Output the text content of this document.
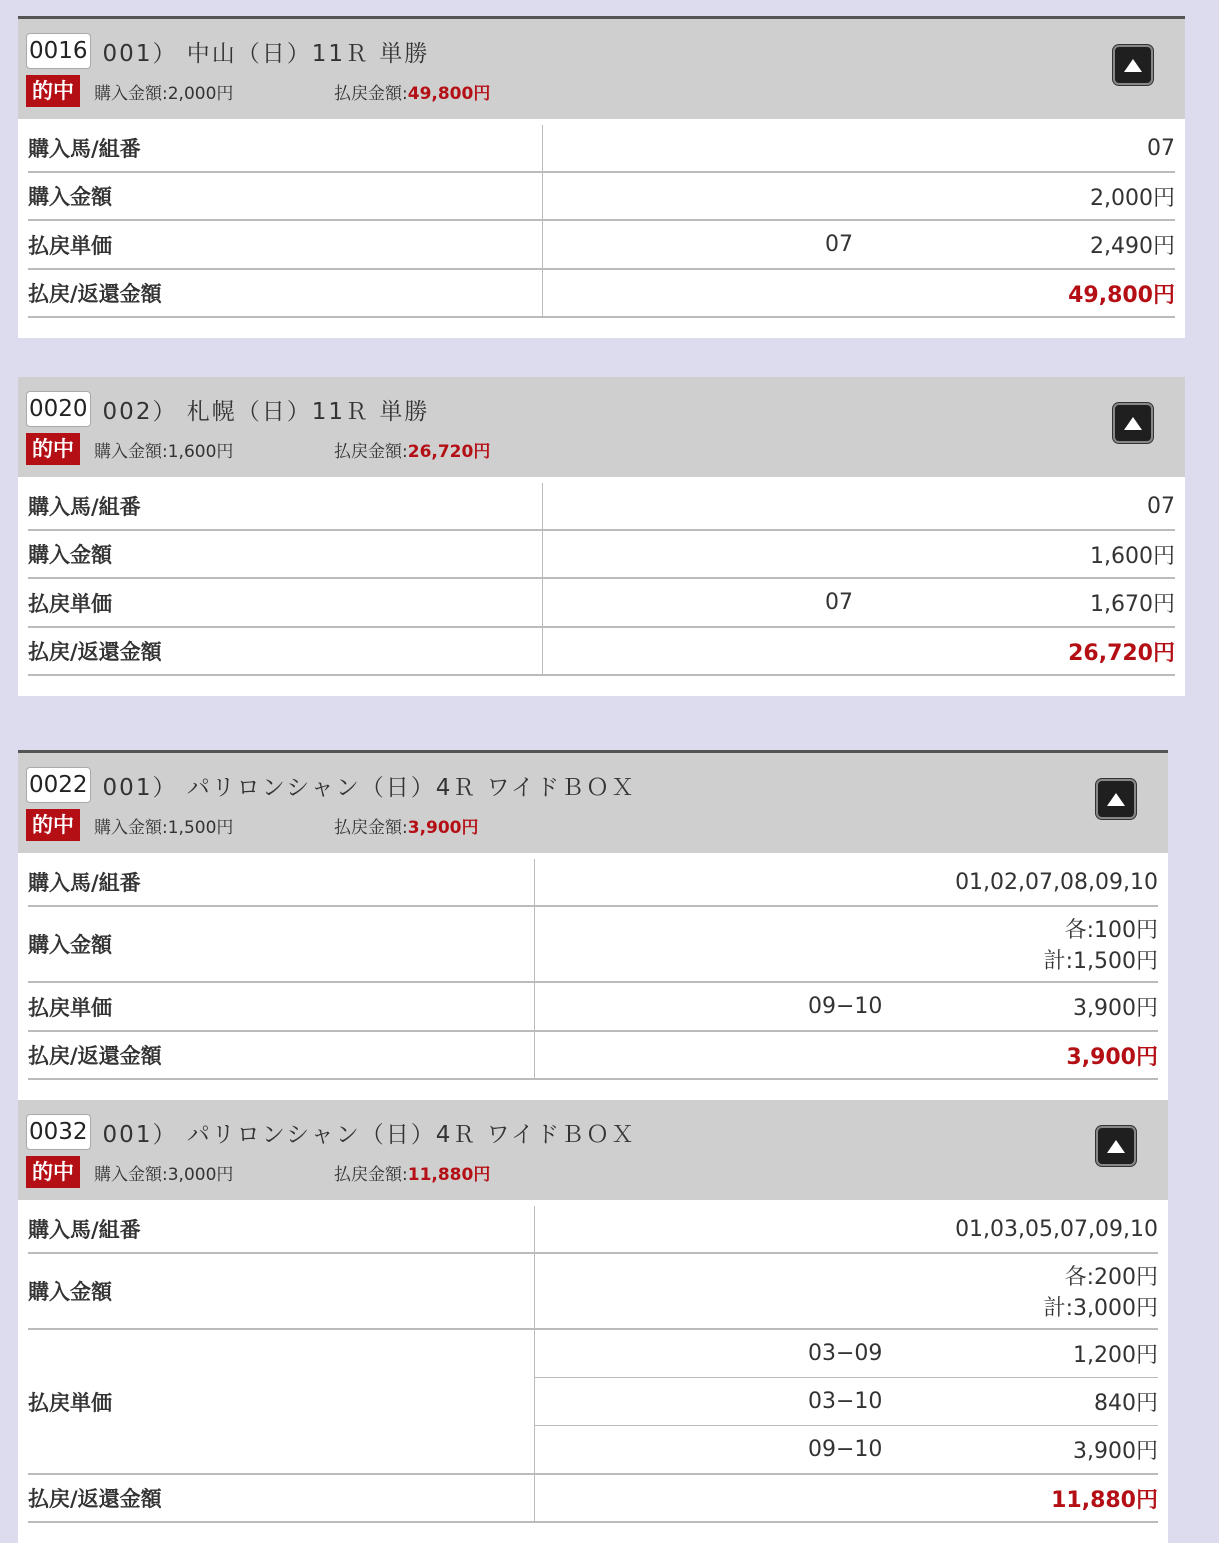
0016 001） 中山（日）11Ｒ 単勝
的中	購入金額:2,000円	払戻金額:49,800円
購入馬/組番	07
購入金額	2,000円
払戻単価	07	2,490円
払戻/返還金額	49,800円
0020 002） 札幌（日）11Ｒ 単勝
的中	購入金額:1,600円	払戻金額:26,720円
購入馬/組番	07
購入金額	1,600円
払戻単価	07	1,670円
払戻/返還金額	26,720円
0022 001） パリロンシャン（日）4Ｒ ワイドＢＯＸ
的中	購入金額:1,500円	払戻金額:3,900円
購入馬/組番	01,02,07,08,09,10
購入金額
各:100円
計:1,500円
払戻単価	09−10	3,900円
払戻/返還金額	3,900円
0032 001） パリロンシャン（日）4Ｒ ワイドＢＯＸ
的中	購入金額:3,000円	払戻金額:11,880円
購入馬/組番	01,03,05,07,09,10
購入金額
各:200円
計:3,000円
払戻単価
03−09	1,200円
03−10	840円
09−10	3,900円
払戻/返還金額	11,880円
